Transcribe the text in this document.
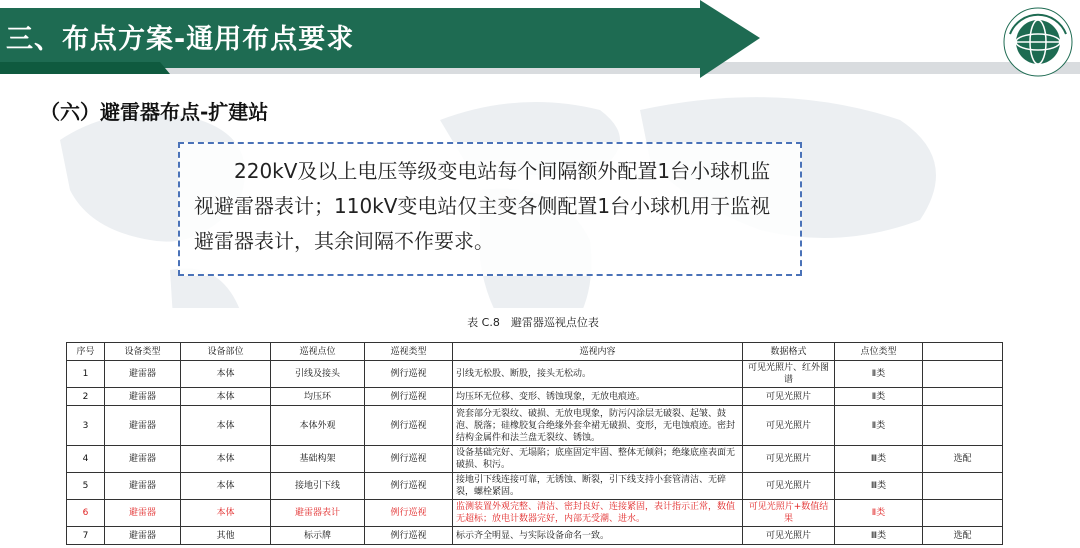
三、布点方案-通用布点要求
（六）避雷器布点-扩建站

220kV及以上电压等级变电站每个间隔额外配置1台小球机监视避雷器表计；110kV变电站仅主变各侧配置1台小球机用于监视避雷器表计，其余间隔不作要求。

表 C.8　避雷器巡视点位表
序号	设备类型	设备部位	巡视点位	巡视类型	巡视内容	数据格式	点位类型	
1	避雷器	本体	引线及接头	例行巡视	引线无松股、断股，接头无松动。	可见光照片、红外图谱	Ⅱ类	
2	避雷器	本体	均压环	例行巡视	均压环无位移、变形、锈蚀现象，无放电痕迹。	可见光照片	Ⅱ类	
3	避雷器	本体	本体外观	例行巡视	瓷套部分无裂纹、破损、无放电现象，防污闪涂层无破裂、起皱、鼓泡、脱落；硅橡胶复合绝缘外套伞裙无破损、变形，无电蚀痕迹。密封结构金属件和法兰盘无裂纹、锈蚀。	可见光照片	Ⅱ类	
4	避雷器	本体	基础构架	例行巡视	设备基础完好、无塌陷；底座固定牢固、整体无倾斜；绝缘底座表面无破损、积污。	可见光照片	Ⅲ类	选配
5	避雷器	本体	接地引下线	例行巡视	接地引下线连接可靠，无锈蚀、断裂，引下线支持小套管清洁、无碎裂，螺栓紧固。	可见光照片	Ⅲ类	
6	避雷器	本体	避雷器表计	例行巡视	监测装置外观完整、清洁、密封良好、连接紧固，表计指示正常，数值无超标；放电计数器完好，内部无受潮、进水。	可见光照片+数值结果	Ⅱ类	
7	避雷器	其他	标示牌	例行巡视	标示齐全明显、与实际设备命名一致。	可见光照片	Ⅲ类	选配
